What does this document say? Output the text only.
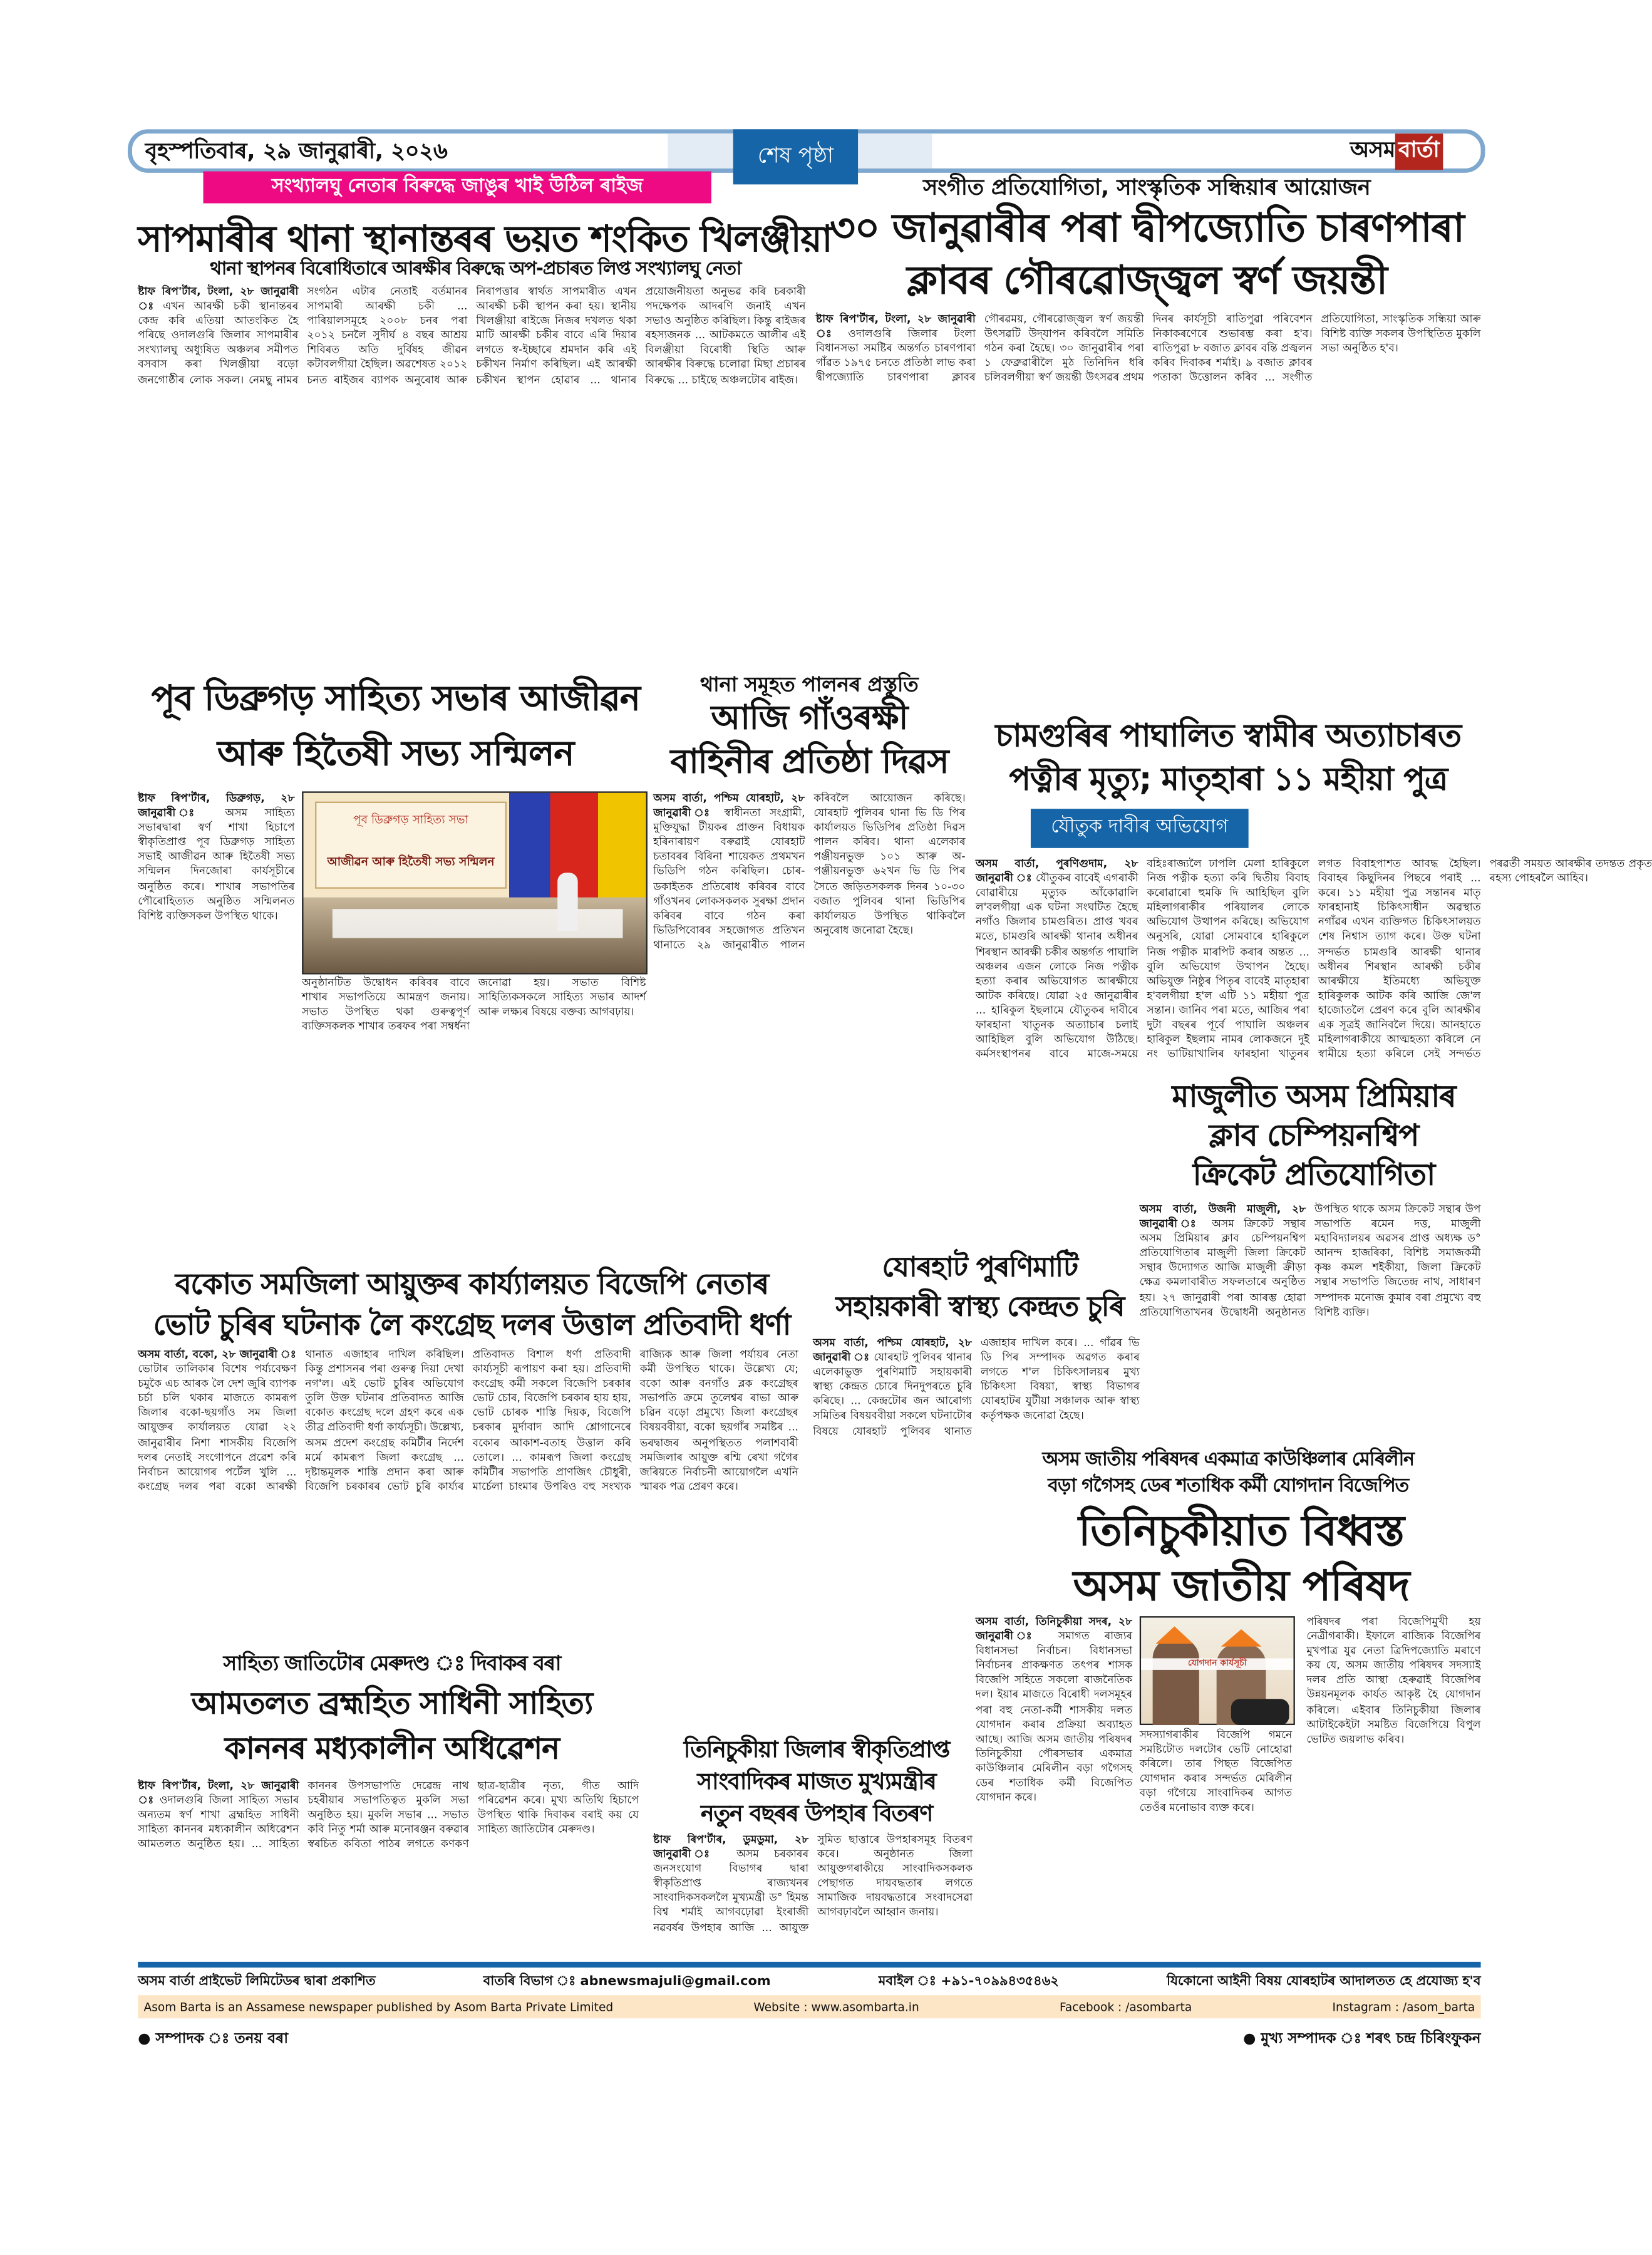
বৃহস্পতিবাৰ, ২৯ জানুৱাৰী, ২০২৬	শেষ পৃষ্ঠা	অসম বাৰ্তা
সংখ্যালঘু নেতাৰ বিৰুদ্ধে জাঙুৰ খাই উঠিল ৰাইজ
সাপমাৰীৰ থানা স্থানান্তৰৰ ভয়ত শংকিত খিলঞ্জীয়া
থানা স্থাপনৰ বিৰোধিতাৰে আৰক্ষীৰ বিৰুদ্ধে অপ-প্ৰচাৰত লিপ্ত সংখ্যালঘু নেতা
ষ্টাফ ৰিপ'ৰ্টাৰ, টংলা, ২৮ জানুৱাৰী ঃ এখন আৰক্ষী চকী স্থানান্তৰৰ কেন্দ্ৰ কৰি এতিয়া আতংকিত হৈ পৰিছে ওদালগুৰি জিলাৰ সাপমাৰীৰ সংখ্যালঘু অধ্যুষিত অঞ্চলৰ সমীপত বসবাস কৰা খিলঞ্জীয়া বড়ো জনগোষ্ঠীৰ লোক সকল। নেমছু নামৰ সংগঠন এটাৰ নেতাই বৰ্তমানৰ সাপমাৰী আৰক্ষী চকী ... পাৰিয়ালসমূহে ২০০৮ চনৰ পৰা ২০১২ চনলৈ সুদীৰ্ঘ ৪ বছৰ আশ্ৰয় শিবিৰত অতি দুৰ্বিষহ জীৱন কটাবলগীয়া হৈছিল। অৱশেষত ২০১২ চনত ৰাইজৰ ব্যাপক অনুৰোধ আৰু নিৰাপত্তাৰ স্বাৰ্থত সাপমাৰীত এখন আৰক্ষী চকী স্থাপন কৰা হয়। স্থানীয় খিলঞ্জীয়া ৰাইজে নিজৰ দখলত থকা মাটি আৰক্ষী চকীৰ বাবে এৰি দিয়াৰ লগতে স্ব-ইচ্ছাৰে শ্ৰমদান কৰি এই চকীখন নিৰ্মাণ কৰিছিল। এই আৰক্ষী চকীখন স্থাপন হোৱাৰ ... থানাৰ প্ৰয়োজনীয়তা অনুভৱ কৰি চৰকাৰী পদক্ষেপক আদৰণি জনাই এখন সভাও অনুষ্ঠিত কৰিছিল। কিন্তু ৰাইজৰ ৰহস্যজনক ... আটকমতে আলীৰ এই বিলঞ্জীয়া বিৰোধী স্থিতি আৰু আৰক্ষীৰ বিৰুদ্ধে চলোৱা মিছা প্ৰচাৰৰ বিৰুদ্ধে ... চাইছে অঞ্চলটোৰ ৰাইজ।
সংগীত প্ৰতিযোগিতা, সাংস্কৃতিক সন্ধিয়াৰ আয়োজন
৩০ জানুৱাৰীৰ পৰা দ্বীপজ্যোতি চাৰণপাৰা
ক্লাবৰ গৌৰৱোজ্জ্বল স্বৰ্ণ জয়ন্তী
ষ্টাফ ৰিপ'ৰ্টাৰ, টংলা, ২৮ জানুৱাৰী ঃ	ওদালগুৰি জিলাৰ টংলা বিধানসভা সমষ্টিৰ অন্তৰ্গত চাৰণপাৰা গাঁৱত ১৯৭৫ চনতে প্ৰতিষ্ঠা লাভ কৰা দ্বীপজ্যোতি চাৰণপাৰা ক্লাবৰ গৌৰৱময়, গৌৰৱোজ্জ্বল স্বৰ্ণ জয়ন্তী উৎসৱটি উদ্‌যাপন কৰিবলৈ সমিতি গঠন কৰা হৈছে। ৩০ জানুৱাৰীৰ পৰা ১ ফেব্ৰুৱাৰীলৈ মুঠ তিনিদিন ধৰি চলিবলগীয়া স্বৰ্ণ জয়ন্তী উৎসৱৰ প্ৰথম দিনৰ কাৰ্যসূচী ৰাতিপুৱা পৰিবেশন নিকাকৰণেৰে শুভাৰম্ভ কৰা হ'ব। ৰাতিপুৱা ৮ বজাত ক্লাবৰ বন্তি প্ৰজ্বলন কৰিব দিবাকৰ শৰ্মাই। ৯ বজাত ক্লাবৰ পতাকা উত্তোলন কৰিব ... সংগীত প্ৰতিযোগিতা, সাংস্কৃতিক সন্ধিয়া আৰু বিশিষ্ট ব্যক্তি সকলৰ উপস্থিতিত মুকলি সভা অনুষ্ঠিত হ'ব।
পূব ডিব্ৰুগড় সাহিত্য সভাৰ আজীৱন
আৰু হিতৈষী সভ্য সন্মিলন
ষ্টাফ ৰিপ'ৰ্টাৰ, ডিব্ৰুগড়, ২৮ জানুৱাৰী ঃ	অসম সাহিত্য সভাৰদ্বাৰা স্বৰ্ণ শাখা হিচাপে স্বীকৃতিপ্ৰাপ্ত পূব ডিব্ৰুগড় সাহিত্য সভাই আজীৱন আৰু হিতৈষী সভ্য সন্মিলন দিনজোৰা কাৰ্যসূচীৰে অনুষ্ঠিত কৰে। শাখাৰ সভাপতিৰ পৌৰোহিত্যত অনুষ্ঠিত সন্মিলনত বিশিষ্ট ব্যক্তিসকল উপস্থিত থাকে।
পূব ডিব্ৰুগড় সাহিত্য সভা
আজীৱন আৰু হিতৈষী সভ্য সন্মিলন
অনুষ্ঠানটিত উদ্বোধন কৰিবৰ বাবে শাখাৰ সভাপতিয়ে আমন্ত্ৰণ জনায়। সভাত উপস্থিত থকা গুৰুত্বপূৰ্ণ ব্যক্তিসকলক শাখাৰ তৰফৰ পৰা সম্বৰ্ধনা জনোৱা হয়। সভাত বিশিষ্ট সাহিত্যিকসকলে সাহিত্য সভাৰ আদৰ্শ আৰু লক্ষ্যৰ বিষয়ে বক্তব্য আগবঢ়ায়।
থানা সমূহত পালনৰ প্ৰস্তুতি
আজি গাঁওৰক্ষী
বাহিনীৰ প্ৰতিষ্ঠা দিৱস
অসম বাৰ্তা, পশ্চিম যোৰহাট, ২৮ জানুৱাৰী ঃ স্বাধীনতা সংগ্ৰামী, মুক্তিযুদ্ধা টীয়কৰ প্ৰাক্তন বিধায়ক হৰিনাৰায়ণ বৰুৱাই যোৰহাট চতাবৰৰ বিৰিনা শায়েকত প্ৰথমখন ভিডিপি গঠন কৰিছিল। চোৰ-ডকাইতক প্ৰতিৰোধ কৰিবৰ বাবে গাঁওখনৰ লোকসকলক সুৰক্ষা প্ৰদান কৰিবৰ বাবে গঠন কৰা ভিডিপিবোৰৰ সহজোগত প্ৰতিখন থানাতে ২৯ জানুৱাৰীত পালন কৰিবলৈ আয়োজন কৰিছে। যোৰহাট পুলিবৰ থানা ভি ডি পিৰ কাৰ্যালয়ত ভিডিপিৰ প্ৰতিষ্ঠা দিৱস পালন কৰিব। থানা এলেকাৰ পঞ্জীয়নভুক্ত ১০১ আৰু অ-পঞ্জীয়নভুক্ত ৬২খন ভি ডি পিৰ সৈতে জড়িতসকলক দিনৰ ১০-৩০ বজাত পুলিবৰ থানা ভিডিপিৰ কাৰ্যালয়ত উপস্থিত থাকিবলৈ অনুৰোধ জনোৱা হৈছে।
চামগুৰিৰ পাঘালিত স্বামীৰ অত্যাচাৰত
পত্নীৰ মৃত্যু; মাতৃহাৰা ১১ মহীয়া পুত্ৰ
যৌতুক দাবীৰ অভিযোগ
অসম বাৰ্তা, পুৰণিগুদাম, ২৮ জানুৱাৰী ঃ যৌতুকৰ বাবেই এগৰাকী বোৱাৰীয়ে মৃত্যুক আঁকোৱালি ল'বলগীয়া এক ঘটনা সংঘটিত হৈছে নগাঁও জিলাৰ চামগুৰিত। প্ৰাপ্ত খবৰ মতে, চামগুৰি আৰক্ষী থানাৰ অধীনৰ শিৰস্থান আৰক্ষী চকীৰ অন্তৰ্গত পাঘালি অঞ্চলৰ এজন লোকে নিজ পত্নীক হত্যা কৰাৰ অভিযোগত আৰক্ষীয়ে আটক কৰিছে। যোৱা ২৫ জানুৱাৰীৰ ... হাৰিকুল ইছলামে যৌতুকৰ দাবীৰে ফাৰহানা খাতুনক অত্যাচাৰ চলাই আহিছিল বুলি অভিযোগ উঠিছে। কৰ্মসংস্থাপনৰ বাবে মাজে-সময়ে বহিঃৰাজ্যলৈ ঢাপলি মেলা হাৰিকুলে নিজ পত্নীক হত্যা কৰি দ্বিতীয় বিবাহ কৰোৱাৰো হুমকি দি আহিছিল বুলি মহিলাগৰাকীৰ পৰিয়ালৰ লোকে অভিযোগ উত্থাপন কৰিছে। অভিযোগ অনুসৰি, যোৱা সোমবাৰে হাৰিকুলে নিজ পত্নীক মাৰপিট কৰাৰ অন্তত ... বুলি অভিযোগ উত্থাপন হৈছে। অভিযুক্ত নিষ্ঠুৰ পিতৃৰ বাবেই মাতৃহাৰা হ'বলগীয়া হ'ল এটি ১১ মহীয়া পুত্ৰ সন্তান। জানিব পৰা মতে, আজিৰ পৰা দুটা বছৰৰ পূৰ্বে পাঘালি অঞ্চলৰ হাৰিকুল ইছলাম নামৰ লোকজনে দুই নং ভাটিয়াখালিৰ ফাৰহানা খাতুনৰ লগত বিবাহপাশত আবদ্ধ হৈছিল। বিবাহৰ কিছুদিনৰ পিছৰে পৰাই ... কৰে। ১১ মহীয়া পুত্ৰ সন্তানৰ মাতৃ ফাৰহানাই চিকিৎসাধীন অৱস্থাত নগাঁৱৰ এখন ব্যক্তিগত চিকিৎসালয়ত শেষ নিশ্বাস ত্যাগ কৰে। উক্ত ঘটনা সন্দৰ্ভত চামগুৰি আৰক্ষী থানাৰ অধীনৰ শিৰস্থান আৰক্ষী চকীৰ আৰক্ষীয়ে ইতিমধ্যে অভিযুক্ত হাৰিকুলক আটক কৰি আজি জে'ল হাজোতলৈ প্ৰেৰণ কৰে বুলি আৰক্ষীৰ এক সূত্ৰই জানিবলৈ দিয়ে। আনহাতে মহিলাগৰাকীয়ে আত্মহত্যা কৰিলে নে স্বামীয়ে হত্যা কৰিলে সেই সন্দৰ্ভত পৰৱৰ্তী সময়ত আৰক্ষীৰ তদন্তত প্ৰকৃত ৰহস্য পোহৰলৈ আহিব।
মাজুলীত অসম প্ৰিমিয়াৰ
ক্লাব চেম্পিয়নশ্বিপ
ক্ৰিকেট প্ৰতিযোগিতা
অসম বাৰ্তা, উজনী মাজুলী, ২৮ জানুৱাৰী ঃ অসম ক্ৰিকেট সন্থাৰ অসম প্ৰিমিয়াৰ ক্লাব চেম্পিয়নশ্বিপ প্ৰতিযোগিতাৰ মাজুলী জিলা ক্ৰিকেট সন্থাৰ উদ্যোগত আজি মাজুলী ক্ৰীড়া ক্ষেত্ৰ কমলাবাৰীত সফলতাৰে অনুষ্ঠিত হয়। ২৭ জানুৱাৰী পৰা আৰম্ভ হোৱা প্ৰতিযোগিতাখনৰ উদ্বোধনী অনুষ্ঠানত উপস্থিত থাকে অসম ক্ৰিকেট সন্থাৰ উপ সভাপতি ৰমেন দত্ত, মাজুলী মহাবিদ্যালয়ৰ অৱসৰ প্ৰাপ্ত অধ্যক্ষ ড° আনন্দ হাজৰিকা, বিশিষ্ট সমাজকৰ্মী কৃষ্ণ কমল শইকীয়া, জিলা ক্ৰিকেট সন্থাৰ সভাপতি জিতেন্দ্ৰ নাথ, সাধাৰণ সম্পাদক মনোজ কুমাৰ বৰা প্ৰমুখ্যে বহু বিশিষ্ট ব্যক্তি।
বকোত সমজিলা আয়ুক্তৰ কাৰ্য্যালয়ত বিজেপি নেতাৰ
ভোট চুৰিৰ ঘটনাক লৈ কংগ্ৰেছ দলৰ উত্তাল প্ৰতিবাদী ধৰ্ণা
অসম বাৰ্তা, বকো, ২৮ জানুৱাৰী ঃ ভোটাৰ তালিকাৰ বিশেষ পৰ্য্যবেক্ষণ চমুকৈ এচ আৰক লৈ দেশ জুৰি ব্যাপক চৰ্চা চলি থকাৰ মাজতে কামৰূপ জিলাৰ বকো-ছয়গাঁও সম জিলা আয়ুক্তৰ কাৰ্যালয়ত যোৱা ২২ জানুৱাৰীৰ নিশা শাসকীয় বিজেপি দলৰ নেতাই সংগোপনে প্ৰৱেশ কৰি নিৰ্বাচন আয়োগৰ পৰ্টেল খুলি ... কংগ্ৰেছ দলৰ পৰা বকো আৰক্ষী থানাত এজাহাৰ দাখিল কৰিছিল। কিন্তু প্ৰশাসনৰ পৰা গুৰুত্ব দিয়া দেখা নগ'ল। এই ভোট চুৰিৰ অভিযোগ তুলি উক্ত ঘটনাৰ প্ৰতিবাদত আজি বকোত কংগ্ৰেছ দলে গ্ৰহণ কৰে এক তীব্ৰ প্ৰতিবাদী ধৰ্ণা কাৰ্য্যসূচী। উল্লেখ্য, অসম প্ৰদেশ কংগ্ৰেছ কমিটীৰ নিৰ্দেশ মৰ্মে কামৰূপ জিলা কংগ্ৰেছ ... দৃষ্টান্তমূলক শাস্তি প্ৰদান কৰা আৰু বিজেপি চৰকাৰৰ ভোট চুৰি কাৰ্য্যৰ প্ৰতিবাদত বিশাল ধৰ্ণা প্ৰতিবাদী কাৰ্য্যসূচী ৰূপায়ণ কৰা হয়। প্ৰতিবাদী কংগ্ৰেছ কৰ্মী সকলে বিজেপি চৰকাৰ ভোট চোৰ, বিজেপি চৰকাৰ হায় হায়, ভোট চোৰক শাস্তি দিয়ক, বিজেপি চৰকাৰ মুৰ্দাবাদ আদি শ্লোগানেৰে বকোৰ আকাশ-বতাহ উত্তাল কৰি তোলে। ... কামৰূপ জিলা কংগ্ৰেছ কমিটীৰ সভাপতি প্ৰাণজিৎ চৌধুৰী, মাৰ্চেলা চাংমাৰ উপৰিও বহু সংখ্যক ৰাজ্যিক আৰু জিলা পৰ্যায়ৰ নেতা কৰ্মী উপস্থিত থাকে। উল্লেখ্য যে; বকো আৰু বনগাঁও ব্লক কংগ্ৰেছৰ সভাপতি ক্ৰমে তুলেশ্বৰ ৰাভা আৰু চৱিন বড়ো প্ৰমুখ্যে জিলা কংগ্ৰেছৰ বিষয়ববীয়া, বকো ছয়গাঁৰ সমষ্টিৰ ... ভৰদ্বাজৰ অনুপস্থিতত পলাশবাৰী সমজিলাৰ আয়ুক্ত ৰশ্মি ৰেখা গগৈৰ জৰিয়তে নিৰ্বাচনী আয়োগলৈ এখনি স্মাৰক পত্ৰ প্ৰেৰণ কৰে।
যোৰহাট পুৰণিমাটি
সহায়কাৰী স্বাস্থ্য কেন্দ্ৰত চুৰি
অসম বাৰ্তা, পশ্চিম যোৰহাট, ২৮ জানুৱাৰী ঃ যোৰহাট পুলিবৰ থানাৰ এলেকাভুক্ত পুৰণিমাটি সহায়কাৰী স্বাস্থ্য কেন্দ্ৰত চোৰে দিনদুপৰতে চুৰি কৰিছে। ... কেন্দ্ৰটোৰ জন আৰোগ্য সমিতিৰ বিষয়ববীয়া সকলে ঘটনাটোৰ বিষয়ে যোৰহাট পুলিবৰ থানাত এজাহাৰ দাখিল কৰে। ... গাঁৱৰ ভি ডি পিৰ সম্পাদক অৱগত কৰাৰ লগতে শ'ল চিকিৎসালয়ৰ মুখ্য চিকিৎসা বিষয়া, স্বাস্থ্য বিভাগৰ যোৰহাটৰ যুটীয়া সঞ্চালক আৰু স্বাস্থ্য কৰ্তৃপক্ষক জনোৱা হৈছে।
অসম জাতীয় পৰিষদৰ একমাত্ৰ কাউঞ্চিলাৰ মেৰিলীন
বড়া গগৈসহ ডেৰ শতাধিক কৰ্মী যোগদান বিজেপিত
তিনিচুকীয়াত বিধ্বস্ত
অসম জাতীয় পৰিষদ
অসম বাৰ্তা, তিনিচুকীয়া সদৰ, ২৮ জানুৱাৰী ঃ	সমাগত ৰাজ্যৰ বিধানসভা নিৰ্বাচন। বিধানসভা নিৰ্বাচনৰ প্ৰাকক্ষণত তৎপৰ শাসক বিজেপি সহিতে সকলো ৰাজনৈতিক দল। ইয়াৰ মাজতে বিৰোধী দলসমূহৰ পৰা বহু নেতা-কৰ্মী শাসকীয় দলত যোগদান কৰাৰ প্ৰক্ৰিয়া অব্যাহত আছে। আজি অসম জাতীয় পৰিষদৰ তিনিচুকীয়া পৌৰসভাৰ একমাত্ৰ কাউঞ্চিলাৰ মেৰিলীন বড়া গগৈসহ ডেৰ শতাধিক কৰ্মী বিজেপিত যোগদান কৰে।
যোগদান কাৰ্যসূচী
সদস্যাগৰাকীৰ বিজেপি গমনে সমষ্টিটোত দলটোৰ ভেটি নোহোৱা কৰিলে। তাৰ পিছত বিজেপিত যোগদান কৰাৰ সন্দৰ্ভত মেৰিলীন বড়া গগৈয়ে সাংবাদিকৰ আগত তেওঁৰ মনোভাব ব্যক্ত কৰে।
পৰিষদৰ পৰা বিজেপিমুখী হয় নেত্ৰীগৰাকী। ইফালে ৰাজ্যিক বিজেপিৰ মুখপাত্ৰ যুৱ নেতা ত্ৰিদিপজ্যোতি মৰাণে কয় যে, অসম জাতীয় পৰিষদৰ সদস্যাই দলৰ প্ৰতি আস্থা হেৰুৱাই বিজেপিৰ উন্নয়নমূলক কাৰ্যত আকৃষ্ট হৈ যোগদান কৰিলে। এইবাৰ তিনিচুকীয়া জিলাৰ আটাইকেইটা সমষ্টিত বিজেপিয়ে বিপুল ভোটত জয়লাভ কৰিব।
সাহিত্য জাতিটোৰ মেৰুদণ্ড ঃ দিবাকৰ বৰা
আমতলত ব্ৰহ্মহিত সাধিনী সাহিত্য
কাননৰ মধ্যকালীন অধিৱেশন
ষ্টাফ ৰিপ'ৰ্টাৰ, টংলা, ২৮ জানুৱাৰী ঃ ওদালগুৰি জিলা সাহিত্য সভাৰ অন্যতম স্বৰ্ণ শাখা ব্ৰহ্মহিত সাধিনী সাহিত্য কাননৰ মধ্যকালীন অধিৱেশন আমতলত অনুষ্ঠিত হয়। ... সাহিত্য কাননৰ উপসভাপতি দেৱেন্দ্ৰ নাথ চহৰীয়াৰ সভাপতিত্বত মুকলি সভা অনুষ্ঠিত হয়। মুকলি সভাৰ ... সভাত কবি নিতু শৰ্মা আৰু মনোৰঞ্জন বৰুৱাৰ স্বৰচিত কবিতা পাঠৰ লগতে কণকণ ছাত্ৰ-ছাত্ৰীৰ নৃত্য, গীত আদি পৰিৱেশন কৰে। মুখ্য অতিথি হিচাপে উপস্থিত থাকি দিবাকৰ বৰাই কয় যে সাহিত্য জাতিটোৰ মেৰুদণ্ড।
তিনিচুকীয়া জিলাৰ স্বীকৃতিপ্ৰাপ্ত
সাংবাদিকৰ মাজত মুখ্যমন্ত্ৰীৰ
নতুন বছৰৰ উপহাৰ বিতৰণ
ষ্টাফ ৰিপ'ৰ্টাৰ, ডুমডুমা, ২৮ জানুৱাৰী ঃ	অসম চৰকাৰৰ জনসংযোগ বিভাগৰ দ্বাৰা স্বীকৃতিপ্ৰাপ্ত ৰাজ্যখনৰ সাংবাদিকসকললৈ মুখ্যমন্ত্ৰী ড° হিমন্ত বিশ্ব শৰ্মাই আগবঢ়োৱা ইংৰাজী নৱবৰ্ষৰ উপহাৰ আজি ... আয়ুক্ত সুমিত ছাত্তাৰে উপহাৰসমূহ বিতৰণ কৰে। অনুষ্ঠানত জিলা আয়ুক্তগৰাকীয়ে সাংবাদিকসকলক পেছাগত দায়বদ্ধতাৰ লগতে সামাজিক দায়বদ্ধতাৰে সংবাদসেৱা আগবঢ়াবলৈ আহ্বান জনায়।
অসম বাৰ্তা প্ৰাইভেট লিমিটেডৰ দ্বাৰা প্ৰকাশিত	বাতৰি বিভাগ ঃ abnewsmajuli@gmail.com	মবাইল ঃ +৯১-৭০৯৯৪৩৫৪৬২	যিকোনো আইনী বিষয় যোৰহাটৰ আদালতত হে প্ৰযোজ্য হ'ব
Asom Barta is an Assamese newspaper published by Asom Barta Private Limited	Website : www.asombarta.in	Facebook : /asombarta	Instagram : /asom_barta
● সম্পাদক ঃ তনয় বৰা	● মুখ্য সম্পাদক ঃ শৰৎ চন্দ্ৰ চিৰিংফুকন
